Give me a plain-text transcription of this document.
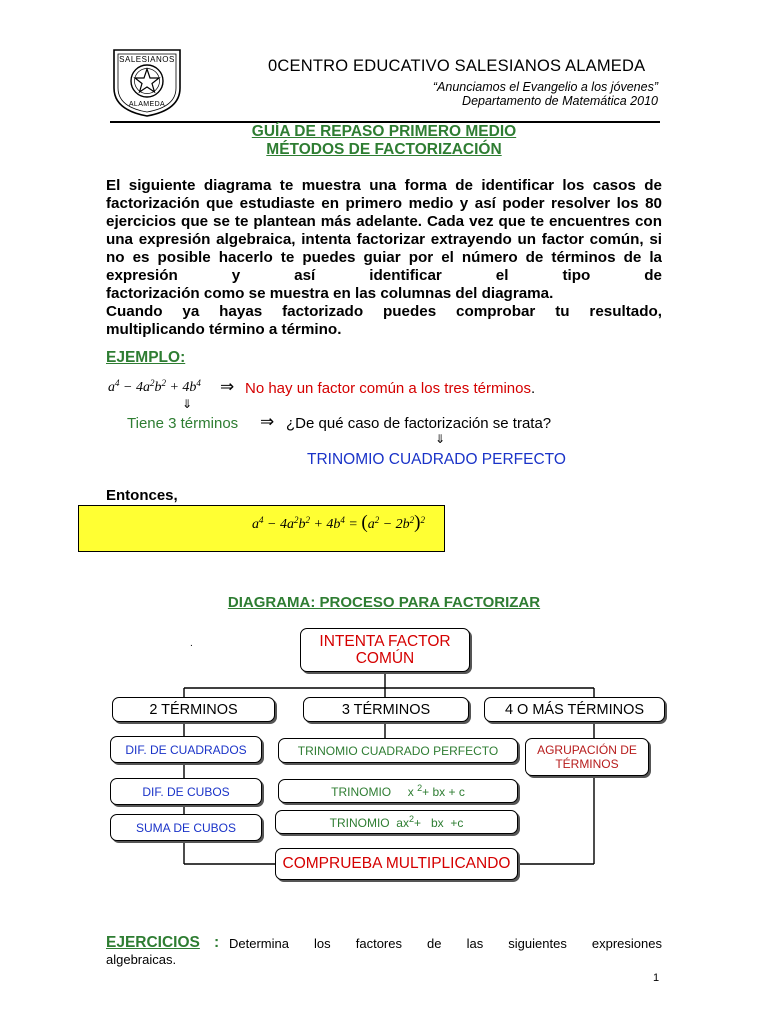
SALESIANOS
ALAMEDA
0CENTRO EDUCATIVO SALESIANOS ALAMEDA
“Anunciamos el Evangelio a los jóvenes”
Departamento de Matemática 2010
GUÍA DE REPASO PRIMERO MEDIO
MÉTODOS DE FACTORIZACIÓN
El siguiente diagrama te muestra una forma de identificar los casos de factorización que estudiaste en primero medio y así poder resolver los 80 ejercicios que se te plantean más adelante. Cada vez que te encuentres con una expresión algebraica, intenta factorizar extrayendo un factor común, si no es posible hacerlo te puedes guiar por el número de términos de la expresión y así identificar el tipo de
factorización como se muestra en las columnas del diagrama.
Cuando ya hayas factorizado puedes comprobar tu resultado,
multiplicando término a término.
EJEMPLO:
$a^4 - 4a^2b^2 + 4b^4$ ⇒ No hay un factor común a los tres términos.
⇓
Tiene 3 términos ⇒ ¿De qué caso de factorización se trata?
⇓
TRINOMIO CUADRADO PERFECTO
Entonces,
$a^4 - 4a^2b^2 + 4b^4 = (a^2 - 2b^2)^2$
DIAGRAMA: PROCESO PARA FACTORIZAR
.	INTENTA FACTOR
COMÚN
2 TÉRMINOS	3 TÉRMINOS	4 O MÁS TÉRMINOS
DIF. DE CUADRADOS	TRINOMIO CUADRADO PERFECTO	AGRUPACIÓN DE
TÉRMINOS
DIF. DE CUBOS	TRINOMIO x $^2$+ bx + c
SUMA DE CUBOS	TRINOMIO $ax^2+$   bx  +c
COMPRUEBA MULTIPLICANDO
EJERCICIOS : Determina los factores de las siguientes expresiones
algebraicas.
1
